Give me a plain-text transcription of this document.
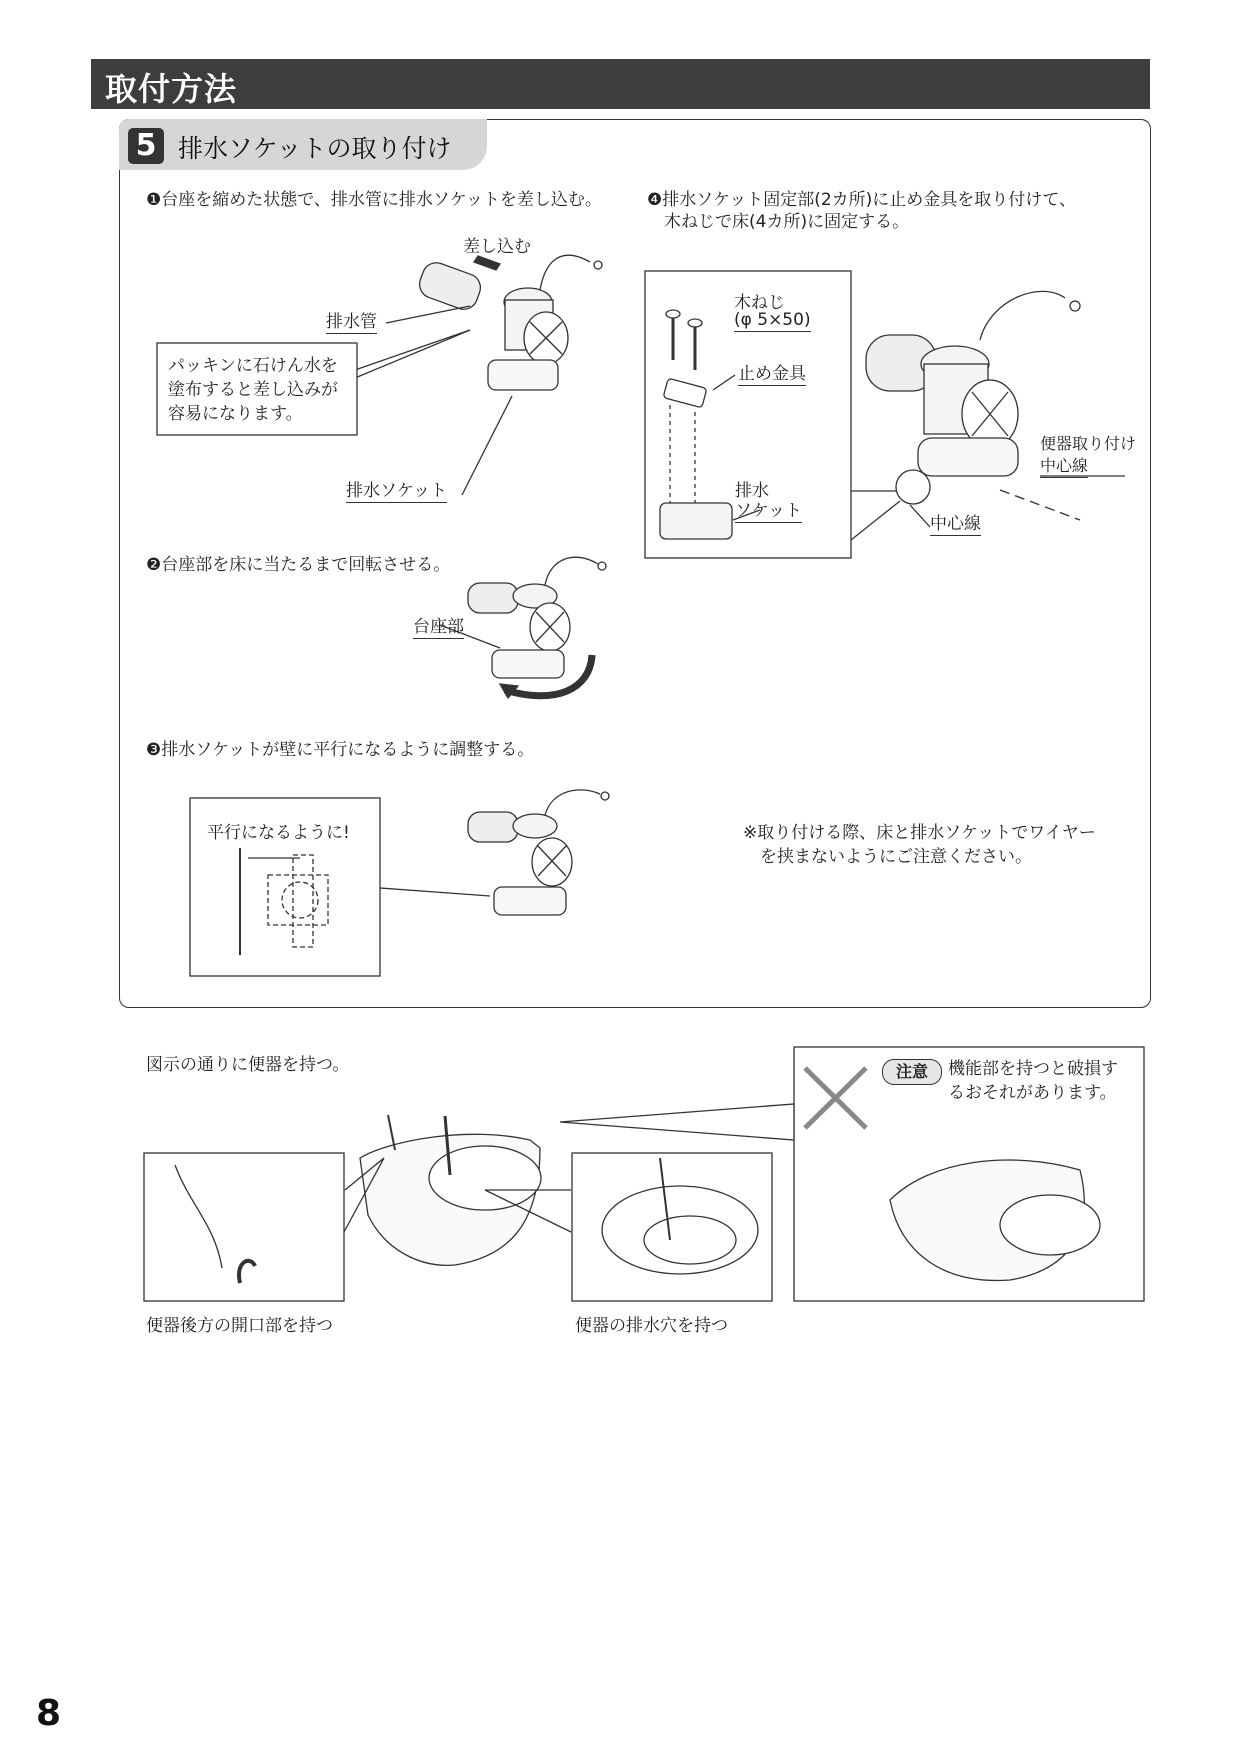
取付方法
5 排水ソケットの取り付け
❶台座を縮めた状態で、排水管に排水ソケットを差し込む。
差し込む
排水管
パッキンに石けん水を
塗布すると差し込みが
容易になります。
排水ソケット
❷台座部を床に当たるまで回転させる。
台座部
❸排水ソケットが壁に平行になるように調整する。
平行になるように!
❹排水ソケット固定部(2カ所)に止め金具を取り付けて、
木ねじで床(4カ所)に固定する。
木ねじ
(φ 5×50)
止め金具
排水
ソケット
便器取り付け
中心線
中心線
※取り付ける際、床と排水ソケットでワイヤー
を挟まないようにご注意ください。
図示の通りに便器を持つ。	注意	機能部を持つと破損す
るおそれがあります。
便器後方の開口部を持つ	便器の排水穴を持つ
8
